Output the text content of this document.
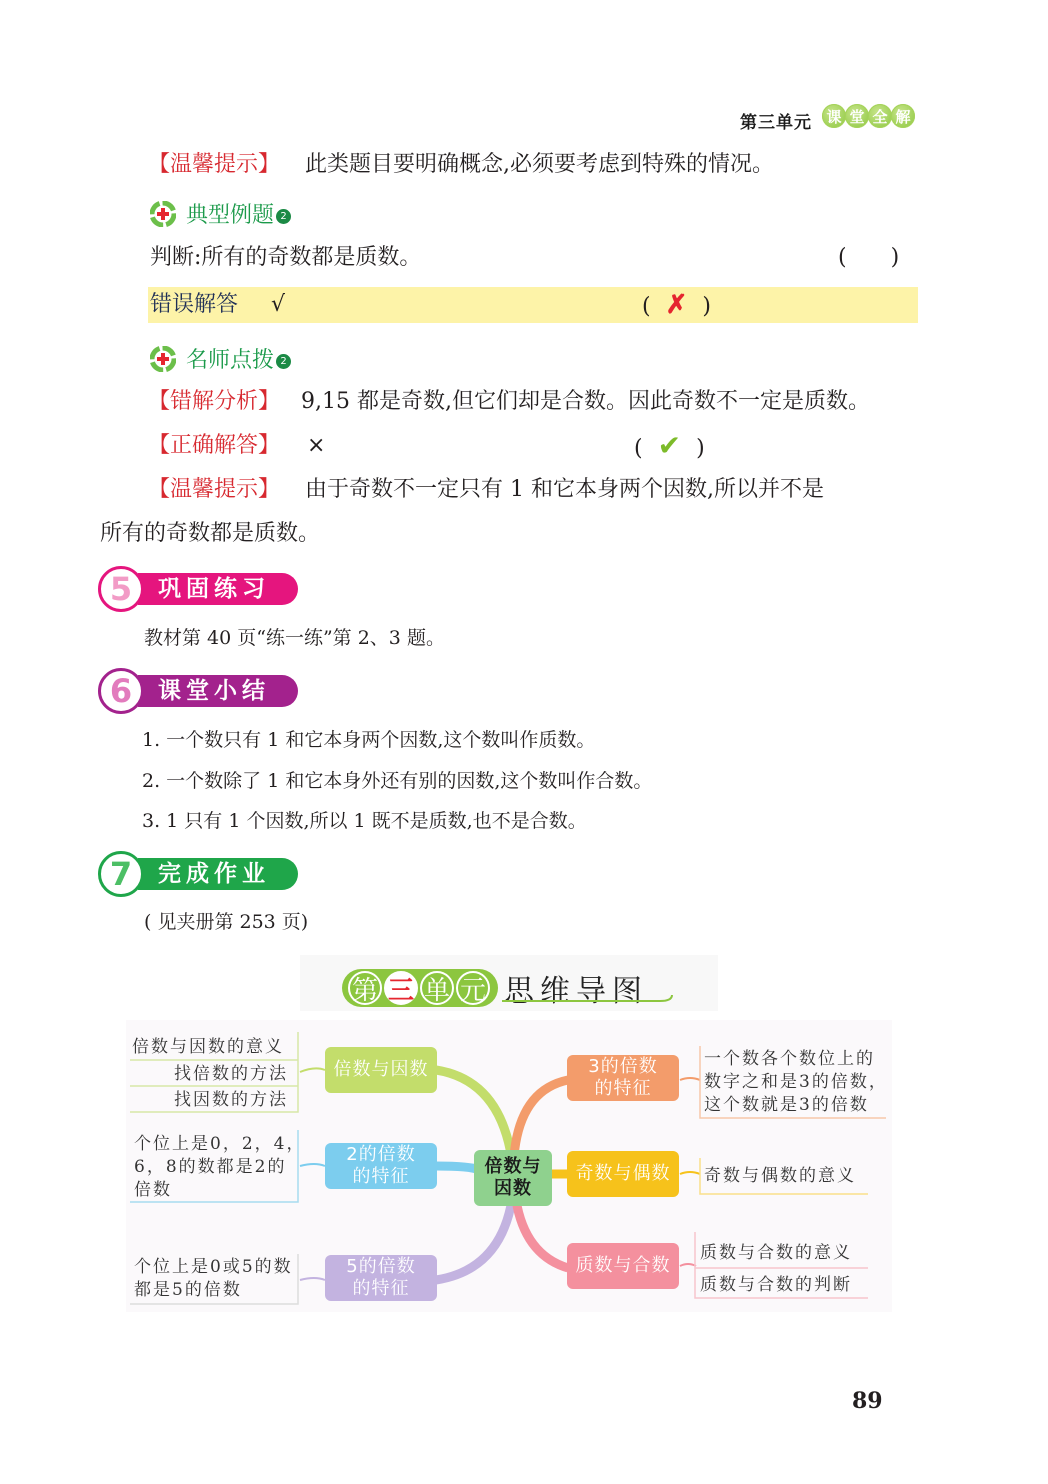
第三单元 课 堂 全 解
【温馨提示】 此类题目要明确概念,必须要考虑到特殊的情况。
典型例题 2
判断:所有的奇数都是质数。	(　　)
错误解答 √	( ✗ )
名师点拨 2
【错解分析】 9,15 都是奇数,但它们却是合数。因此奇数不一定是质数。
【正确解答】 ×	( ✔ )
【温馨提示】 由于奇数不一定只有 1 和它本身两个因数,所以并不是
所有的奇数都是质数。
5	巩固练习
教材第 40 页“练一练”第 2、3 题。
6	课堂小结
1. 一个数只有 1 和它本身两个因数,这个数叫作质数。
2. 一个数除了 1 和它本身外还有别的因数,这个数叫作合数。
3. 1 只有 1 个因数,所以 1 既不是质数,也不是合数。
7	完成作业
( 见夹册第 253 页)
第 三 单 元 思维导图
倍数与
因数
倍数与因数
2的倍数
的特征
5的倍数
的特征
3的倍数
的特征
奇数与偶数
质数与合数
倍数与因数的意义
找倍数的方法
找因数的方法
个位上是0，2，4，
6，8的数都是2的
倍数
个位上是0或5的数
都是5的倍数
一个数各个数位上的
数字之和是3的倍数，
这个数就是3的倍数
奇数与偶数的意义
质数与合数的意义
质数与合数的判断
89
